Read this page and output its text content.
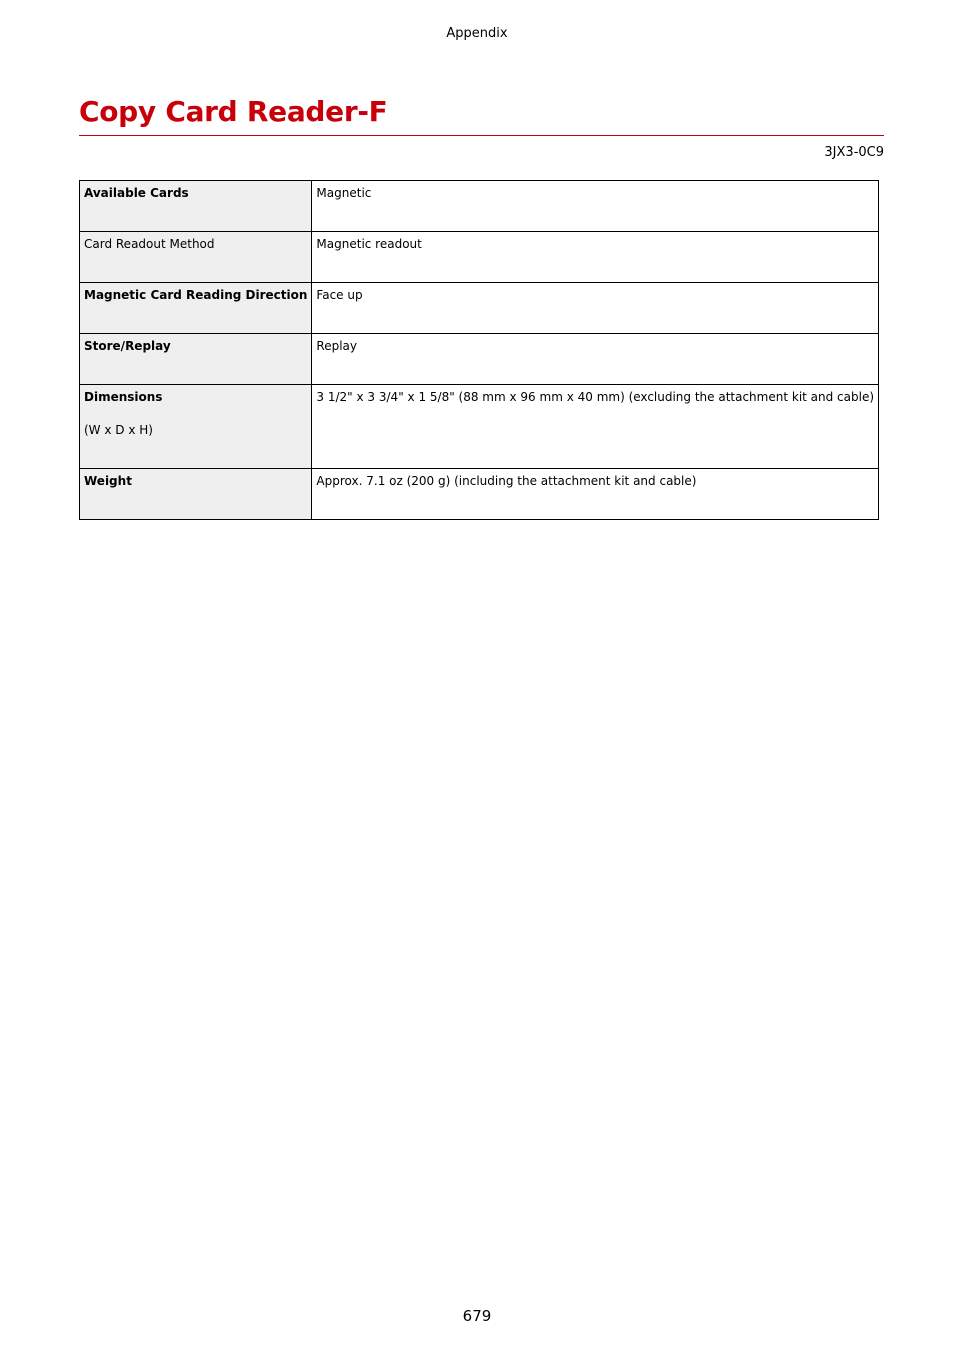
Appendix
Copy Card Reader-F
3JX3-0C9
Available Cards	Magnetic
Card Readout Method	Magnetic readout
Magnetic Card Reading Direction	Face up
Store/Replay	Replay
Dimensions
(W x D x H)	3 1/2" x 3 3/4" x 1 5/8" (88 mm x 96 mm x 40 mm) (excluding the attachment kit and cable)
Weight	Approx. 7.1 oz (200 g) (including the attachment kit and cable)
679
